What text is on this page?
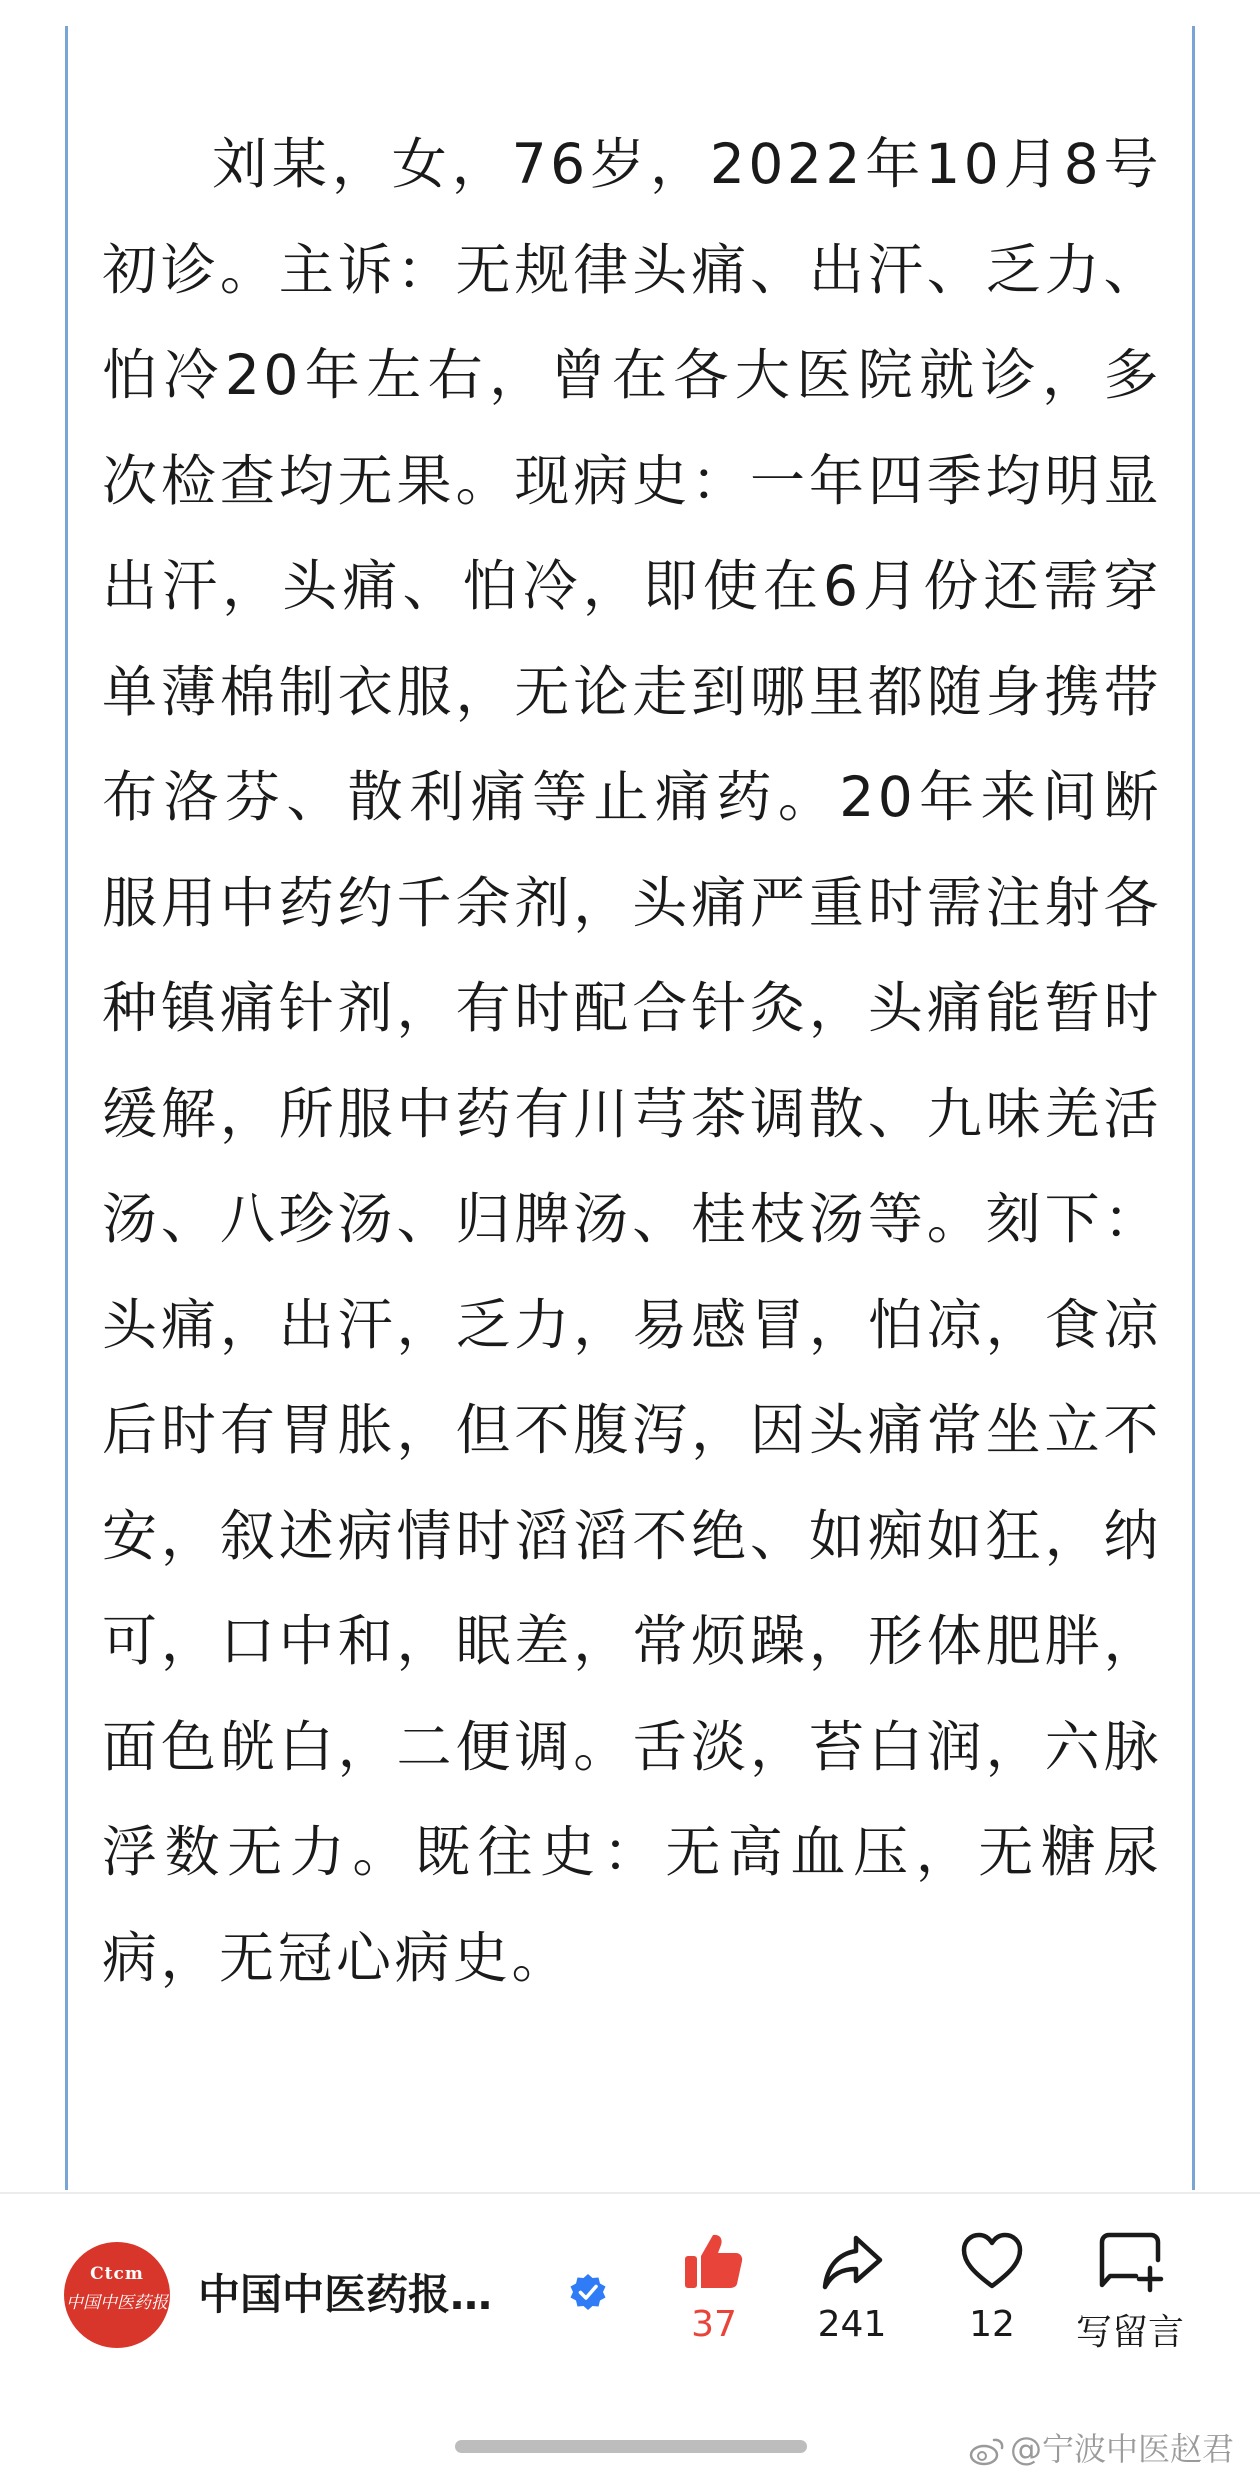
刘某，女，76岁，2022年10月8号初诊。主诉：无规律头痛、出汗、乏力、怕冷20年左右，曾在各大医院就诊，多次检查均无果。现病史：一年四季均明显出汗，头痛、怕冷，即使在6月份还需穿单薄棉制衣服，无论走到哪里都随身携带布洛芬、散利痛等止痛药。20年来间断服用中药约千余剂，头痛严重时需注射各种镇痛针剂，有时配合针灸，头痛能暂时缓解，所服中药有川芎茶调散、九味羌活汤、八珍汤、归脾汤、桂枝汤等。刻下：头痛，出汗，乏力，易感冒，怕凉，食凉后时有胃胀，但不腹泻，因头痛常坐立不安，叙述病情时滔滔不绝、如痴如狂，纳可，口中和，眠差，常烦躁，形体肥胖，面色㿠白，二便调。舌淡，苔白润，六脉浮数无力。既往史：无高血压，无糖尿病，无冠心病史。

Ctcm
中国中医药报 中国中医药报…
37	241	12	写留言
@宁波中医赵君
